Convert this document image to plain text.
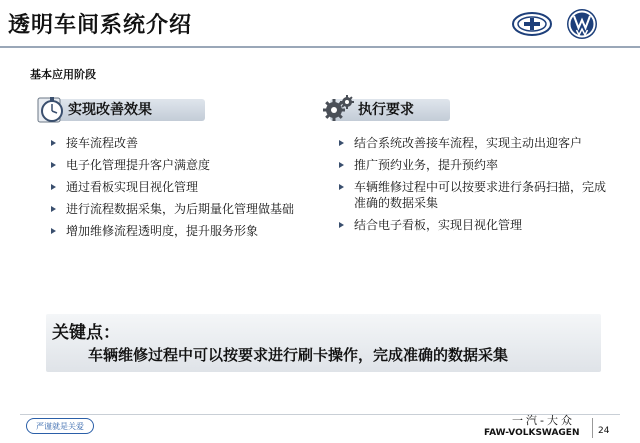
透明车间系统介绍
基本应用阶段
实现改善效果
接车流程改善
电子化管理提升客户满意度
通过看板实现目视化管理
进行流程数据采集，为后期量化管理做基础
增加维修流程透明度，提升服务形象
执行要求
结合系统改善接车流程，实现主动出迎客户
推广预约业务，提升预约率
车辆维修过程中可以按要求进行条码扫描，完成准确的数据采集
结合电子看板，实现目视化管理
关键点：
车辆维修过程中可以按要求进行刷卡操作，完成准确的数据采集
严谨就是关爱	一汽-大众
FAW-VOLKSWAGEN 24
